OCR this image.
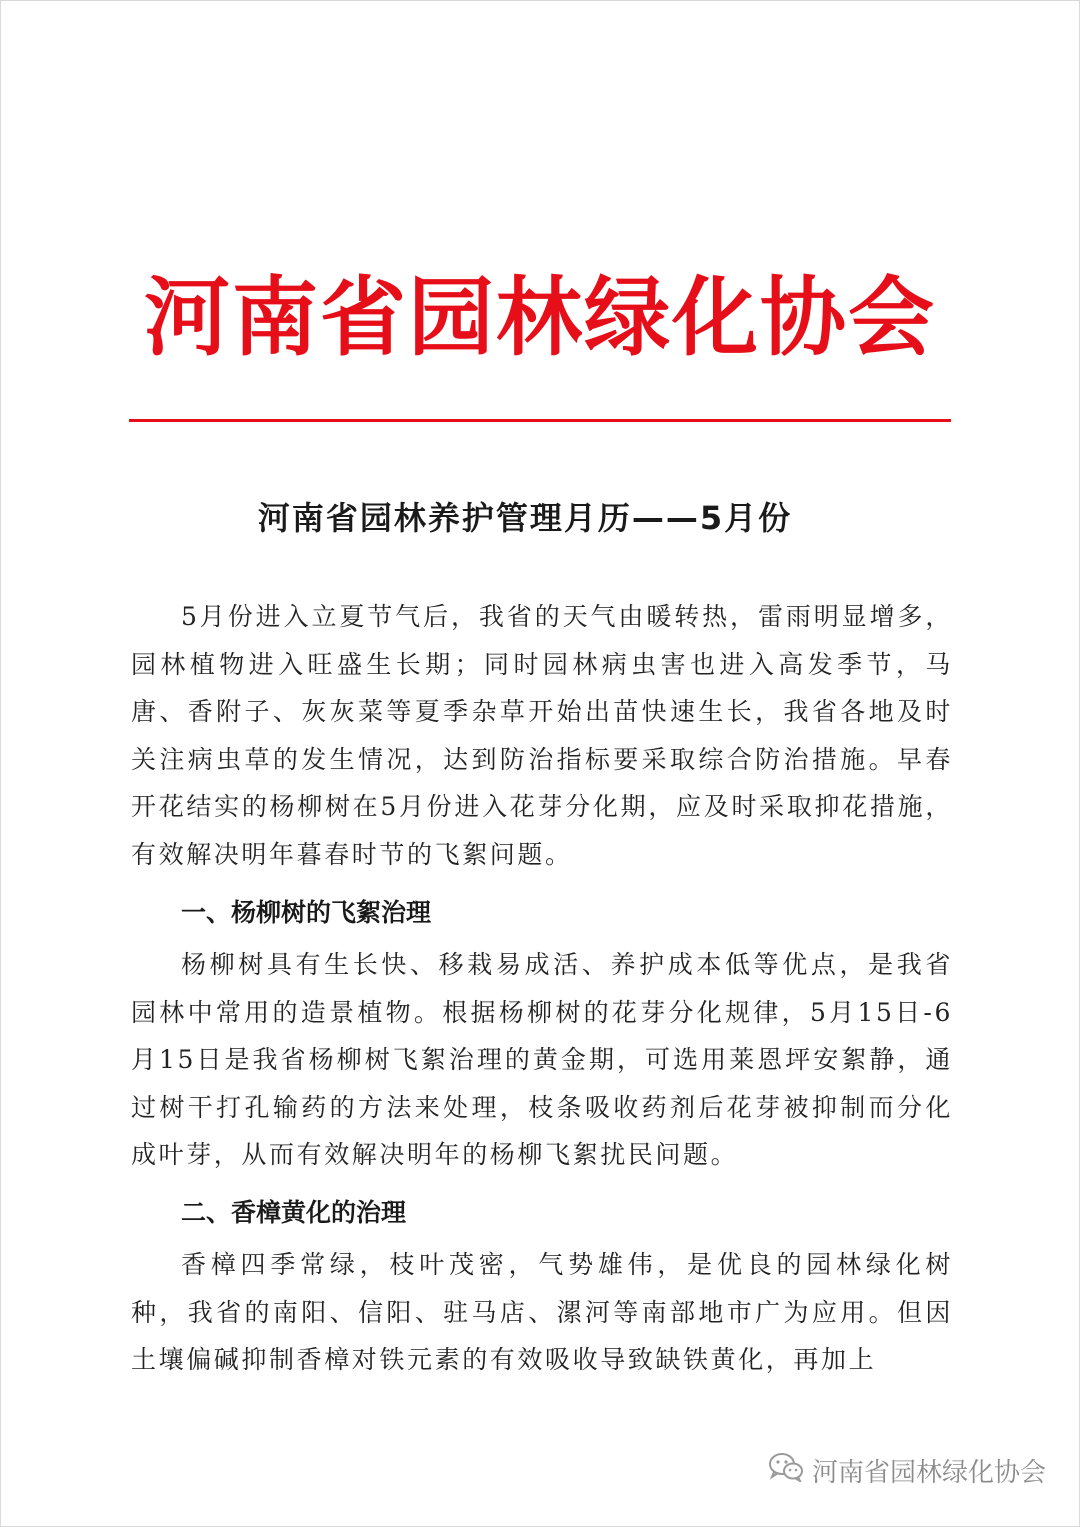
河南省园林绿化协会
河南省园林养护管理月历——5月份

5月份进入立夏节气后，我省的天气由暖转热，雷雨明显增多，园林植物进入旺盛生长期；同时园林病虫害也进入高发季节，马唐、香附子、灰灰菜等夏季杂草开始出苗快速生长，我省各地及时关注病虫草的发生情况，达到防治指标要采取综合防治措施。早春开花结实的杨柳树在5月份进入花芽分化期，应及时采取抑花措施，有效解决明年暮春时节的飞絮问题。

一、杨柳树的飞絮治理

杨柳树具有生长快、移栽易成活、养护成本低等优点，是我省园林中常用的造景植物。根据杨柳树的花芽分化规律，5月15日-6月15日是我省杨柳树飞絮治理的黄金期，可选用莱恩坪安絮静，通过树干打孔输药的方法来处理，枝条吸收药剂后花芽被抑制而分化成叶芽，从而有效解决明年的杨柳飞絮扰民问题。

二、香樟黄化的治理

香樟四季常绿，枝叶茂密，气势雄伟，是优良的园林绿化树种，我省的南阳、信阳、驻马店、漯河等南部地市广为应用。但因土壤偏碱抑制香樟对铁元素的有效吸收导致缺铁黄化，再加上

河南省园林绿化协会
